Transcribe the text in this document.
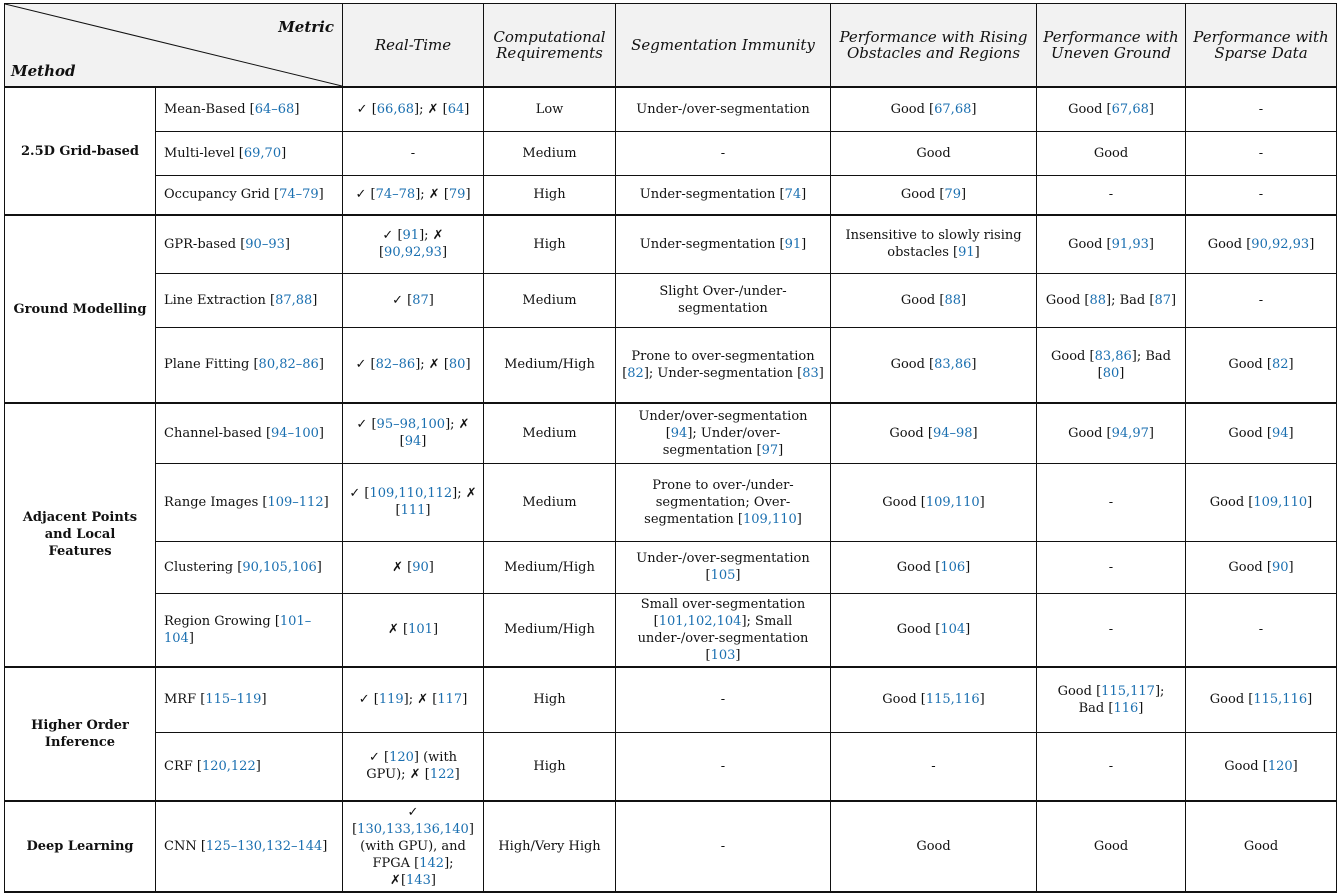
Metric
Method		Real-Time	Computational Requirements	Segmentation Immunity	Performance with Rising Obstacles and Regions	Performance with Uneven Ground	Performance with Sparse Data
2.5D Grid-based	Mean-Based [64–68]	✓ [66,68]; ✗ [64]	Low	Under-/over-segmentation	Good [67,68]	Good [67,68]	-
	Multi-level [69,70]	-	Medium	-	Good	Good	-
	Occupancy Grid [74–79]	✓ [74–78]; ✗ [79]	High	Under-segmentation [74]	Good [79]	-	-
Ground Modelling	GPR-based [90–93]	✓ [91]; ✗ [90,92,93]	High	Under-segmentation [91]	Insensitive to slowly rising obstacles [91]	Good [91,93]	Good [90,92,93]
	Line Extraction [87,88]	✓ [87]	Medium	Slight Over-/under-segmentation	Good [88]	Good [88]; Bad [87]	-
	Plane Fitting [80,82–86]	✓ [82–86]; ✗ [80]	Medium/High	Prone to over-segmentation [82]; Under-segmentation [83]	Good [83,86]	Good [83,86]; Bad [80]	Good [82]
Adjacent Points and Local Features	Channel-based [94–100]	✓ [95–98,100]; ✗ [94]	Medium	Under/over-segmentation [94]; Under/over-segmentation [97]	Good [94–98]	Good [94,97]	Good [94]
	Range Images [109–112]	✓ [109,110,112]; ✗ [111]	Medium	Prone to over-/under-segmentation; Over-segmentation [109,110]	Good [109,110]	-	Good [109,110]
	Clustering [90,105,106]	✗ [90]	Medium/High	Under-/over-segmentation [105]	Good [106]	-	Good [90]
	Region Growing [101–104]	✗ [101]	Medium/High	Small over-segmentation [101,102,104]; Small under-/over-segmentation [103]	Good [104]	-	-
Higher Order Inference	MRF [115–119]	✓ [119]; ✗ [117]	High	-	Good [115,116]	Good [115,117]; Bad [116]	Good [115,116]
	CRF [120,122]	✓ [120] (with GPU); ✗ [122]	High	-	-	-	Good [120]
Deep Learning	CNN [125–130,132–144]	✓ [130,133,136,140] (with GPU), and FPGA [142]; ✗[143]	High/Very High	-	Good	Good	Good
